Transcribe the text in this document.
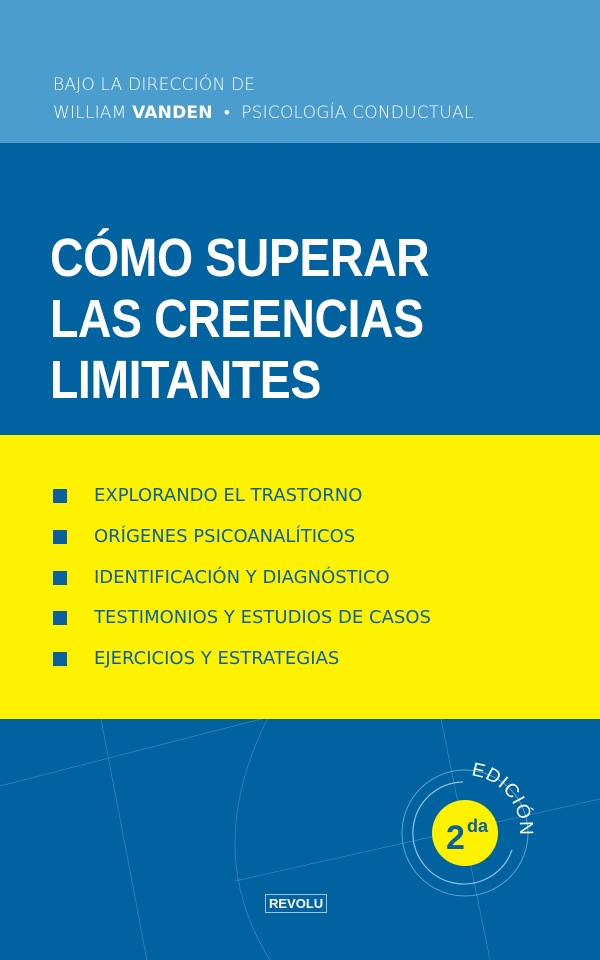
BAJO LA DIRECCIÓN DE
WILLIAM VANDEN • PSICOLOGÍA CONDUCTUAL
CÓMO SUPERAR
LAS CREENCIAS
LIMITANTES
EXPLORANDO EL TRASTORNO
ORÍGENES PSICOANALÍTICOS
IDENTIFICACIÓN Y DIAGNÓSTICO
TESTIMONIOS Y ESTUDIOS DE CASOS
EJERCICIOS Y ESTRATEGIAS
EDICIÓN
2 da
REVOLU
